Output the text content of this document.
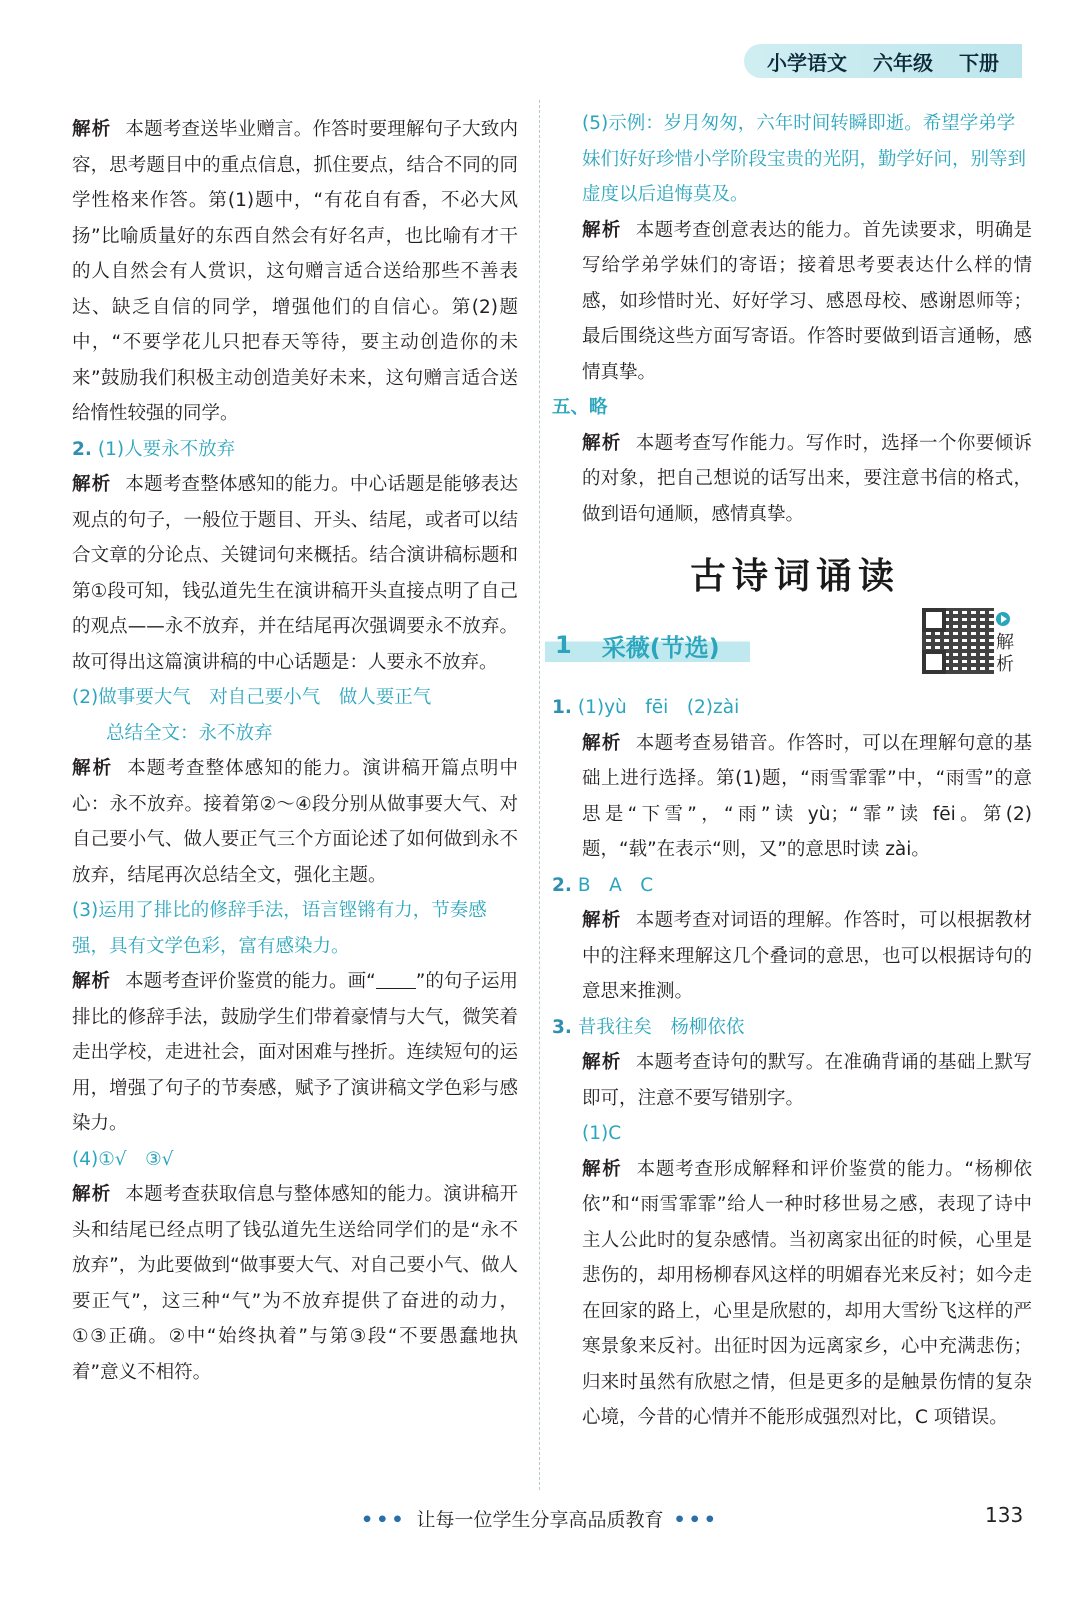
小学语文 六年级 下册

解析 本题考查送毕业赠言。作答时要理解句子大致内容，思考题目中的重点信息，抓住要点，结合不同的同学性格来作答。第(1)题中，“有花自有香，不必大风扬”比喻质量好的东西自然会有好名声，也比喻有才干的人自然会有人赏识，这句赠言适合送给那些不善表达、缺乏自信的同学，增强他们的自信心。第(2)题中，“不要学花儿只把春天等待，要主动创造你的未来”鼓励我们积极主动创造美好未来，这句赠言适合送给惰性较强的同学。

2. (1)人要永不放弃

解析 本题考查整体感知的能力。中心话题是能够表达观点的句子，一般位于题目、开头、结尾，或者可以结合文章的分论点、关键词句来概括。结合演讲稿标题和第①段可知，钱弘道先生在演讲稿开头直接点明了自己的观点——永不放弃，并在结尾再次强调要永不放弃。故可得出这篇演讲稿的中心话题是：人要永不放弃。

(2)做事要大气　对自己要小气　做人要正气

总结全文：永不放弃

解析 本题考查整体感知的能力。演讲稿开篇点明中心：永不放弃。接着第②～④段分别从做事要大气、对自己要小气、做人要正气三个方面论述了如何做到永不放弃，结尾再次总结全文，强化主题。

(3)运用了排比的修辞手法，语言铿锵有力，节奏感强，具有文学色彩，富有感染力。

解析 本题考查评价鉴赏的能力。画“ ”的句子运用排比的修辞手法，鼓励学生们带着豪情与大气，微笑着走出学校，走进社会，面对困难与挫折。连续短句的运用，增强了句子的节奏感，赋予了演讲稿文学色彩与感染力。

(4)①√　③√

解析 本题考查获取信息与整体感知的能力。演讲稿开头和结尾已经点明了钱弘道先生送给同学们的是“永不放弃”，为此要做到“做事要大气、对自己要小气、做人要正气”，这三种“气”为不放弃提供了奋进的动力，①③正确。②中“始终执着”与第③段“不要愚蠢地执着”意义不相符。

(5)示例：岁月匆匆，六年时间转瞬即逝。希望学弟学妹们好好珍惜小学阶段宝贵的光阴，勤学好问，别等到虚度以后追悔莫及。

解析 本题考查创意表达的能力。首先读要求，明确是写给学弟学妹们的寄语；接着思考要表达什么样的情感，如珍惜时光、好好学习、感恩母校、感谢恩师等；最后围绕这些方面写寄语。作答时要做到语言通畅，感情真挚。

五、略

解析 本题考查写作能力。写作时，选择一个你要倾诉的对象，把自己想说的话写出来，要注意书信的格式，做到语句通顺，感情真挚。

古诗词诵读
1 采薇(节选)	解析

1. (1)yù　fēi　(2)zài

解析 本题考查易错音。作答时，可以在理解句意的基础上进行选择。第(1)题，“雨雪霏霏”中，“雨雪”的意思是“下雪”，“雨”读 yù；“霏”读 fēi。第(2)题，“载”在表示“则，又”的意思时读 zài。

2. B　A　C

解析 本题考查对词语的理解。作答时，可以根据教材中的注释来理解这几个叠词的意思，也可以根据诗句的意思来推测。

3. 昔我往矣　杨柳依依

解析 本题考查诗句的默写。在准确背诵的基础上默写即可，注意不要写错别字。

(1)C

解析 本题考查形成解释和评价鉴赏的能力。“杨柳依依”和“雨雪霏霏”给人一种时移世易之感，表现了诗中主人公此时的复杂感情。当初离家出征的时候，心里是悲伤的，却用杨柳春风这样的明媚春光来反衬；如今走在回家的路上，心里是欣慰的，却用大雪纷飞这样的严寒景象来反衬。出征时因为远离家乡，心中充满悲伤；归来时虽然有欣慰之情，但是更多的是触景伤情的复杂心境，今昔的心情并不能形成强烈对比，C 项错误。

••• 让每一位学生分享高品质教育 •••	133
